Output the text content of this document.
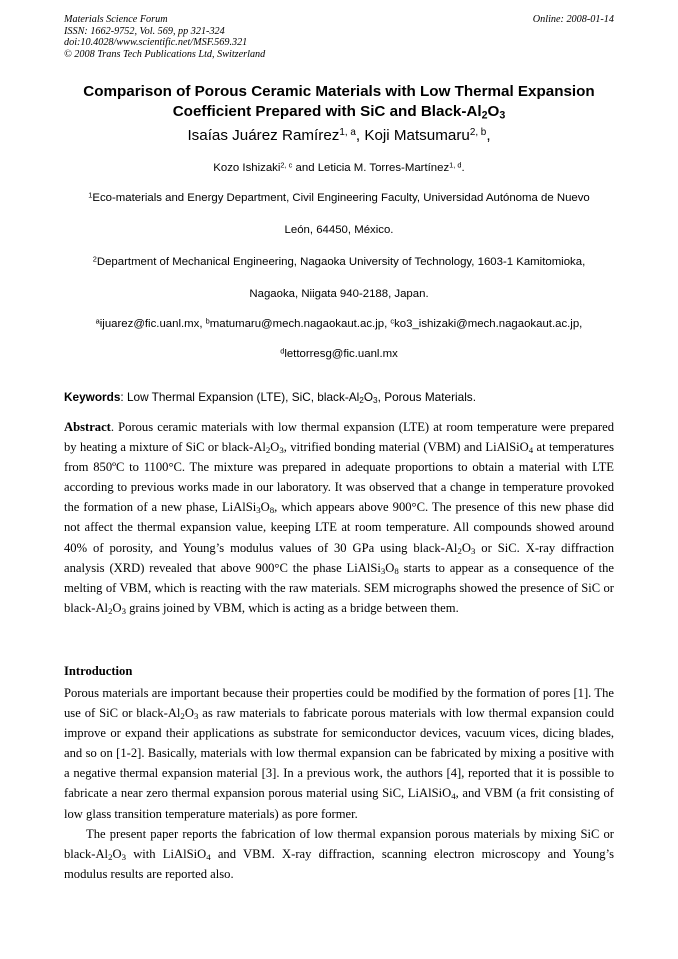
Materials Science Forum
ISSN: 1662-9752, Vol. 569, pp 321-324
doi:10.4028/www.scientific.net/MSF.569.321
© 2008 Trans Tech Publications Ltd, Switzerland
Online: 2008-01-14
Comparison of Porous Ceramic Materials with Low Thermal Expansion
Coefficient Prepared with SiC and Black-$Al_2O_3$
Isaías Juárez Ramírez$^{1, a}$, Koji Matsumaru$^{2, b}$,
Kozo Ishizaki$^{2, c}$ and Leticia M. Torres-Martínez$^{1, d}$.
$^1$Eco-materials and Energy Department, Civil Engineering Faculty, Universidad Autónoma de Nuevo
León, 64450, México.
$^2$Department of Mechanical Engineering, Nagaoka University of Technology, 1603-1 Kamitomioka,
Nagaoka, Niigata 940-2188, Japan.
$^a$ijuarez@fic.uanl.mx, $^b$matumaru@mech.nagaokaut.ac.jp, $^c$ko3_ishizaki@mech.nagaokaut.ac.jp,
$^d$lettorresg@fic.uanl.mx
Keywords: Low Thermal Expansion (LTE), SiC, black-$Al_2O_3$, Porous Materials.
Abstract. Porous ceramic materials with low thermal expansion (LTE) at room temperature were prepared by heating a mixture of SiC or black-$Al_2O_3$, vitrified bonding material (VBM) and LiAlSiO$_4$ at temperatures from 850ºC to 1100°C. The mixture was prepared in adequate proportions to obtain a material with LTE according to previous works made in our laboratory. It was observed that a change in temperature provoked the formation of a new phase, $LiAlSi_3O_8$, which appears above 900°C. The presence of this new phase did not affect the thermal expansion value, keeping LTE at room temperature. All compounds showed around 40% of porosity, and Young’s modulus values of 30 GPa using black-$Al_2O_3$ or SiC. X-ray diffraction analysis (XRD) revealed that above 900°C the phase $LiAlSi_3O_8$ starts to appear as a consequence of the melting of VBM, which is reacting with the raw materials. SEM micrographs showed the presence of SiC or black-$Al_2O_3$ grains joined by VBM, which is acting as a bridge between them.
Introduction

Porous materials are important because their properties could be modified by the formation of pores [1]. The use of SiC or black-$Al_2O_3$ as raw materials to fabricate porous materials with low thermal expansion could improve or expand their applications as substrate for semiconductor devices, vacuum vices, dicing blades, and so on [1-2]. Basically, materials with low thermal expansion can be fabricated by mixing a positive with a negative thermal expansion material [3]. In a previous work, the authors [4], reported that it is possible to fabricate a near zero thermal expansion porous material using SiC, LiAlSiO$_4$, and VBM (a frit consisting of low glass transition temperature materials) as pore former.

The present paper reports the fabrication of low thermal expansion porous materials by mixing SiC or black-$Al_2O_3$ with LiAlSiO$_4$ and VBM. X-ray diffraction, scanning electron microscopy and Young’s modulus results are reported also.
